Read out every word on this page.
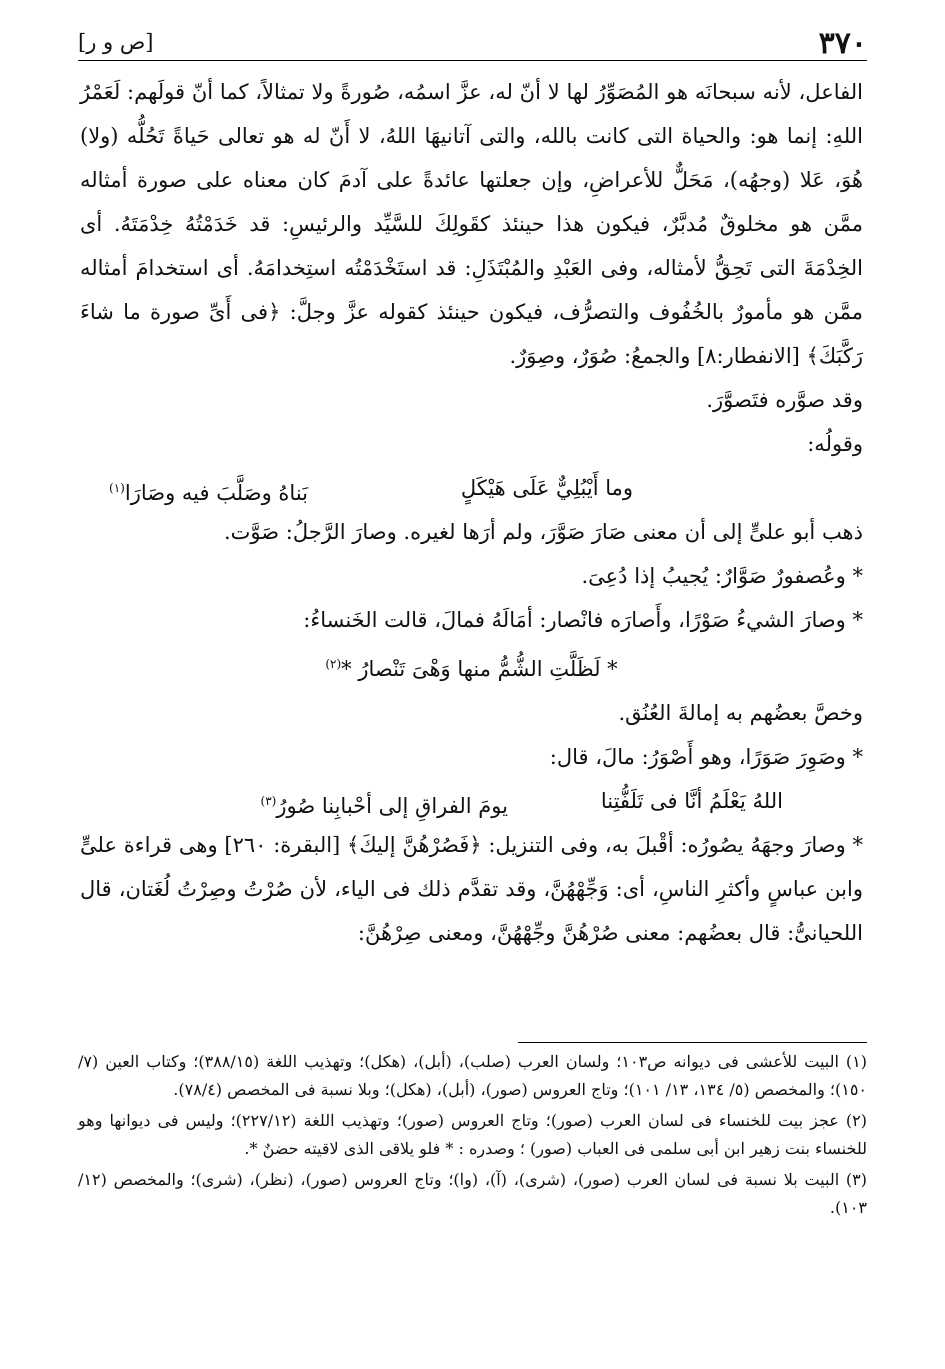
٣٧٠
[ص و ر]

الفاعل، لأنه سبحانَه هو المُصَوِّرُ لها لا أنّ له، عزَّ اسمُه، صُورةً ولا تمثالاً، كما أنّ قولَهم: لَعَمْرُ اللهِ: إنما هو: والحياة التى كانت بالله، والتى آتانيهَا اللهُ، لا أَنّ له هو تعالى حَياةً تَحُلُّه (ولا) هُوَ، عَلا (وجهُه)، مَحَلٌّ للأعراضِ، وإن جعلتها عائدةً على آدمَ كان معناه على صورة أمثاله ممَّن هو مخلوقٌ مُدبَّرٌ، فيكون هذا حينئذ كقَولِكَ للسَّيِّد والرئيسِ: قد خَدَمْتُهُ خِدْمَتَهُ. أى الخِدْمَةَ التى تَحِقُّ لأمثاله، وفى العَبْدِ والمُبْتَذَلِ: قد استَخْدَمْتُه استِخدامَهُ. أى استخدامَ أمثاله ممَّن هو مأمورٌ بالخُفُوف والتصرُّف، فيكون حينئذ كقوله عزَّ وجلَّ: ﴿فى أَىِّ صورة ما شاءَ رَكَّبَكَ﴾ [الانفطار:٨] والجمعُ: صُوَرٌ، وصِوَرٌ.

وقد صوَّره فتَصوَّرَ.

وقولُه:

وما أَيْبُلِيٌّ عَلَى هَيْكَلٍ
بَناهُ وصَلَّبَ فيه وصَارَا$^{(١)}$

ذهب أبو علىٍّ إلى أن معنى صَارَ صَوَّرَ، ولم أرَها لغيره. وصارَ الرَّجلُ: صَوَّت.

* وعُصفورٌ صَوَّارٌ: يُجيبُ إذا دُعِىَ.

* وصارَ الشيءُ صَوْرًا، وأَصارَه فانْصار: أمَالَهُ فمالَ، قالت الخَنساءُ:

* لَظَلَّتِ الشُّمُّ منها وَهْىَ تَنْصارُ *$^{(٢)}$

وخصَّ بعضُهم به إمالةَ العُنُق.

* وصَوِرَ صَوَرًا، وهو أَصْوَرُ: مالَ، قال:

اللهُ يَعْلَمُ أنَّا فى تَلَفُّتِنا
يومَ الفراقِ إلى أحْبابِنا صُورُ$^{(٣)}$

* وصارَ وجهَهُ يصُورُه: أقْبلَ به، وفى التنزيل: ﴿فَصُرْهُنَّ إليكَ﴾ [البقرة: ٢٦٠] وهى قراءة علىٍّ وابن عباسٍ وأكثرِ الناسِ، أى: وَجِّهْهُنَّ، وقد تقدَّم ذلك فى الياء، لأن صُرْتُ وصِرْتُ لُغَتان، قال اللحيانىُّ: قال بعضُهم: معنى صُرْهُنَّ وجِّهْهُنَّ، ومعنى صِرْهُنَّ:

(١) البيت للأعشى فى ديوانه ص١٠٣؛ ولسان العرب (صلب)، (أبل)، (هكل)؛ وتهذيب اللغة (٣٨٨/١٥)؛ وكتاب العين (٧/ ١٥٠)؛ والمخصص (٥/ ١٣٤، ١٣/ ١٠١)؛ وتاج العروس (صور)، (أبل)، (هكل)؛ وبلا نسبة فى المخصص (٧٨/٤).

(٢) عجز بيت للخنساء فى لسان العرب (صور)؛ وتاج العروس (صور)؛ وتهذيب اللغة (٢٢٧/١٢)؛ وليس فى ديوانها وهو للخنساء بنت زهير ابن أبى سلمى فى العباب (صور) ؛ وصدره : * فلو يلاقى الذى لاقيته حضنٌ *.

(٣) البيت بلا نسبة فى لسان العرب (صور)، (شرى)، (آ)، (وا)؛ وتاج العروس (صور)، (نظر)، (شرى)؛ والمخصص (١٢/ ١٠٣).
